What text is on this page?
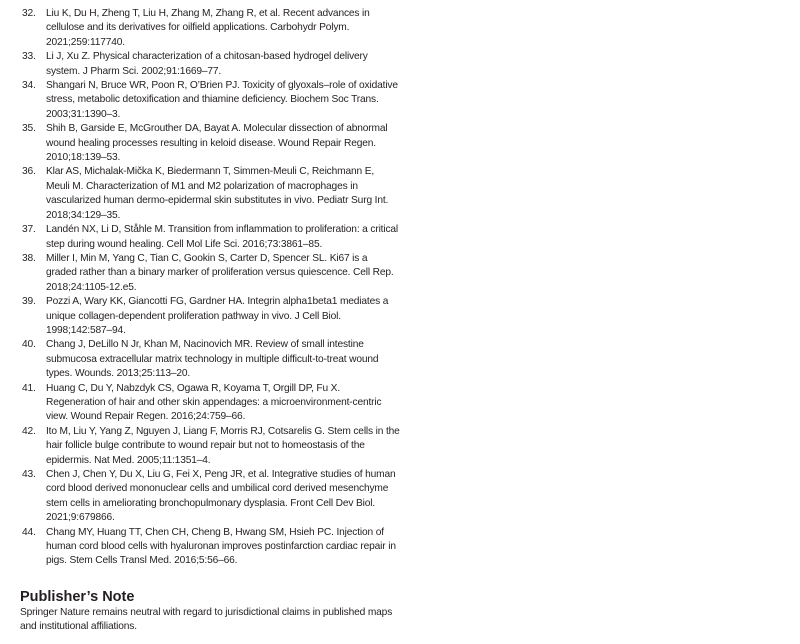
32. Liu K, Du H, Zheng T, Liu H, Zhang M, Zhang R, et al. Recent advances in cellulose and its derivatives for oilfield applications. Carbohydr Polym. 2021;259:117740.
33. Li J, Xu Z. Physical characterization of a chitosan-based hydrogel delivery system. J Pharm Sci. 2002;91:1669–77.
34. Shangari N, Bruce WR, Poon R, O’Brien PJ. Toxicity of glyoxals–role of oxidative stress, metabolic detoxification and thiamine deficiency. Biochem Soc Trans. 2003;31:1390–3.
35. Shih B, Garside E, McGrouther DA, Bayat A. Molecular dissection of abnormal wound healing processes resulting in keloid disease. Wound Repair Regen. 2010;18:139–53.
36. Klar AS, Michalak-Mička K, Biedermann T, Simmen-Meuli C, Reichmann E, Meuli M. Characterization of M1 and M2 polarization of macrophages in vascularized human dermo-epidermal skin substitutes in vivo. Pediatr Surg Int. 2018;34:129–35.
37. Landén NX, Li D, Ståhle M. Transition from inflammation to proliferation: a critical step during wound healing. Cell Mol Life Sci. 2016;73:3861–85.
38. Miller I, Min M, Yang C, Tian C, Gookin S, Carter D, Spencer SL. Ki67 is a graded rather than a binary marker of proliferation versus quiescence. Cell Rep. 2018;24:1105-12.e5.
39. Pozzi A, Wary KK, Giancotti FG, Gardner HA. Integrin alpha1beta1 mediates a unique collagen-dependent proliferation pathway in vivo. J Cell Biol. 1998;142:587–94.
40. Chang J, DeLillo N Jr, Khan M, Nacinovich MR. Review of small intestine submucosa extracellular matrix technology in multiple difficult-to-treat wound types. Wounds. 2013;25:113–20.
41. Huang C, Du Y, Nabzdyk CS, Ogawa R, Koyama T, Orgill DP, Fu X. Regeneration of hair and other skin appendages: a microenvironment-centric view. Wound Repair Regen. 2016;24:759–66.
42. Ito M, Liu Y, Yang Z, Nguyen J, Liang F, Morris RJ, Cotsarelis G. Stem cells in the hair follicle bulge contribute to wound repair but not to homeostasis of the epidermis. Nat Med. 2005;11:1351–4.
43. Chen J, Chen Y, Du X, Liu G, Fei X, Peng JR, et al. Integrative studies of human cord blood derived mononuclear cells and umbilical cord derived mesenchyme stem cells in ameliorating bronchopulmonary dysplasia. Front Cell Dev Biol. 2021;9:679866.
44. Chang MY, Huang TT, Chen CH, Cheng B, Hwang SM, Hsieh PC. Injection of human cord blood cells with hyaluronan improves postinfarction cardiac repair in pigs. Stem Cells Transl Med. 2016;5:56–66.
Publisher’s Note

Springer Nature remains neutral with regard to jurisdictional claims in published maps and institutional affiliations.
